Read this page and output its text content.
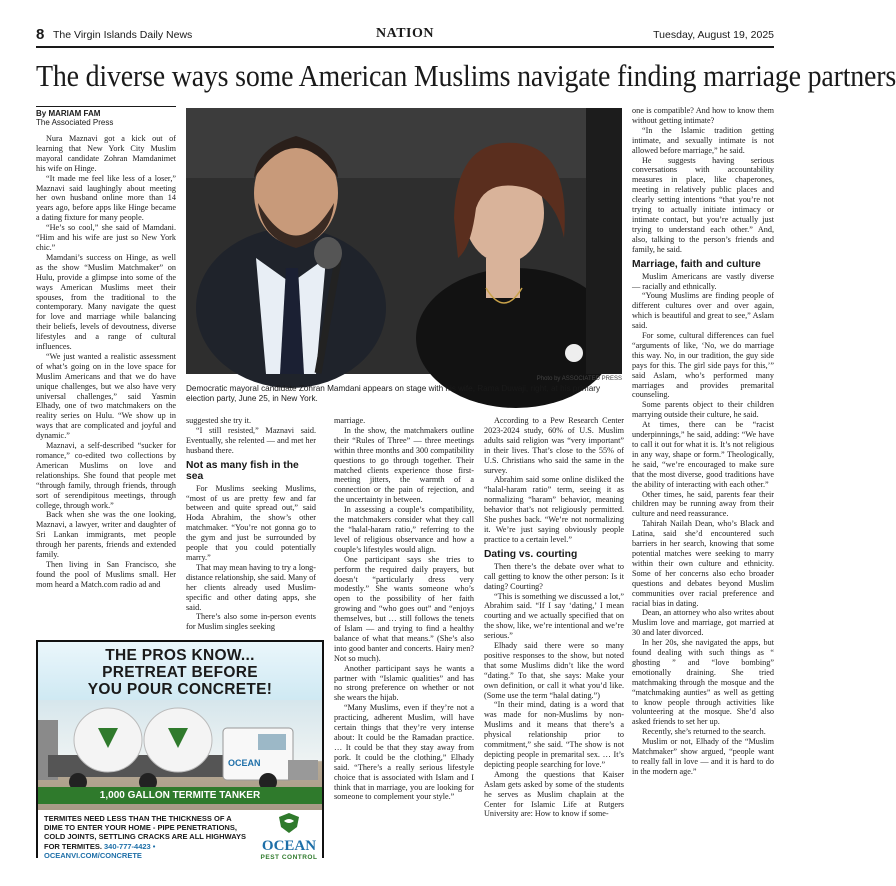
8 The Virgin Islands Daily News	NATION	Tuesday, August 19, 2025
The diverse ways some American Muslims navigate finding marriage partners
By MARIAM FAM
The Associated Press

Nura Maznavi got a kick out of learning that New York City Muslim mayoral candidate Zohran Mamdanimet his wife on Hinge.

“It made me feel like less of a loser,” Maznavi said laughingly about meeting her own husband online more than 14 years ago, before apps like Hinge became a dating fixture for many people.

“He’s so cool,” she said of Mamdani. “Him and his wife are just so New York chic.”

Mamdani’s success on Hinge, as well as the show “Muslim Matchmaker” on Hulu, provide a glimpse into some of the ways American Muslims meet their spouses, from the traditional to the contemporary. Many navigate the quest for love and marriage while balancing their beliefs, levels of devoutness, diverse lifestyles and a range of cultural influences.

“We just wanted a realistic assessment of what’s going on in the love space for Muslim Americans and that we do have unique challenges, but we also have very universal challenges,” said Yasmin Elhady, one of two matchmakers on the reality series on Hulu. “We show up in ways that are complicated and joyful and dynamic.”

Maznavi, a self-described “sucker for romance,” co-edited two collections by American Muslims on love and relationships. She found that people met “through family, through friends, through sort of serendipitous meetings, through college, through work.”

Back when she was the one looking, Maznavi, a lawyer, writer and daughter of Sri Lankan immigrants, met people through her parents, friends and extended family.

Then living in San Francisco, she found the pool of Muslims small. Her mom heard a Match.com radio ad and

Photo by ASSOCIATED PRESS
Democratic mayoral candidate Zohran Mamdani appears on stage with his wife, Rama Duwaji, right, at his primary election party, June 25, in New York.

suggested she try it.

“I still resisted,” Maznavi said. Eventually, she relented — and met her husband there.

Not as many fish in the sea

For Muslims seeking Muslims, “most of us are pretty few and far between and quite spread out,” said Hoda Abrahim, the show’s other matchmaker. “You’re not gonna go to the gym and just be surrounded by people that you could potentially marry.”

That may mean having to try a long-distance relationship, she said. Many of her clients already used Muslim-specific and other dating apps, she said.

There’s also some in-person events for Muslim singles seeking

marriage.

In the show, the matchmakers outline their “Rules of Three” — three meetings within three months and 300 compatibility questions to go through together. Their matched clients experience those first-meeting jitters, the warmth of a connection or the pain of rejection, and the uncertainty in between.

In assessing a couple’s compatibility, the matchmakers consider what they call the “halal-haram ratio,” referring to the level of religious observance and how a couple’s lifestyles would align.

One participant says she tries to perform the required daily prayers, but doesn’t “particularly dress very modestly.” She wants someone who’s open to the possibility of her faith growing and “who goes out” and “enjoys themselves, but … still follows the tenets of Islam — and trying to find a healthy balance of what that means.” (She’s also into good banter and concerts. Hairy men? Not so much).

Another participant says he wants a partner with “Islamic qualities” and has no strong preference on whether or not she wears the hijab.

“Many Muslims, even if they’re not a practicing, adherent Muslim, will have certain things that they’re very intense about: It could be the Ramadan practice. … It could be that they stay away from pork. It could be the clothing,” Elhady said. “There’s a really serious lifestyle choice that is associated with Islam and I think that in marriage, you are looking for someone to complement your style.”

According to a Pew Research Center 2023-2024 study, 60% of U.S. Muslim adults said religion was “very important” in their lives. That’s close to the 55% of U.S. Christians who said the same in the survey.

Abrahim said some online disliked the “halal-haram ratio” term, seeing it as normalizing “haram” behavior, meaning behavior that’s not religiously permitted. She pushes back. “We’re not normalizing it. We’re just saying obviously people practice to a certain level.”

Dating vs. courting

Then there’s the debate over what to call getting to know the other person: Is it dating? Courting?

“This is something we discussed a lot,” Abrahim said. “If I say ‘dating,’ I mean courting and we actually specified that on the show, like, we’re intentional and we’re serious.”

Elhady said there were so many positive responses to the show, but noted that some Muslims didn’t like the word “dating.” To that, she says: Make your own definition, or call it what you’d like. (Some use the term “halal dating.”)

“In their mind, dating is a word that was made for non-Muslims by non-Muslims and it means that there’s a physical relationship prior to commitment,” she said. “The show is not depicting people in premarital sex. … It’s depicting people searching for love.”

Among the questions that Kaiser Aslam gets asked by some of the students he serves as Muslim chaplain at the Center for Islamic Life at Rutgers University are: How to know if some-

one is compatible? And how to know them without getting intimate?

“In the Islamic tradition getting intimate, and sexually intimate is not allowed before marriage,” he said.

He suggests having serious conversations with accountability measures in place, like chaperones, meeting in relatively public places and clearly setting intentions “that you’re not trying to actually initiate intimacy or intimate contact, but you’re actually just trying to understand each other.” And, also, talking to the person’s friends and family, he said.

Marriage, faith and culture

Muslim Americans are vastly diverse — racially and ethnically.

“Young Muslims are finding people of different cultures over and over again, which is beautiful and great to see,” Aslam said.

For some, cultural differences can fuel “arguments of like, ‘No, we do marriage this way. No, in our tradition, the guy side pays for this. The girl side pays for this,’” said Aslam, who’s performed many marriages and provides premarital counseling.

Some parents object to their children marrying outside their culture, he said.

At times, there can be “racist underpinnings,” he said, adding: “We have to call it out for what it is. It’s not religious in any way, shape or form.” Theologically, he said, “we’re encouraged to make sure that the most diverse, good traditions have the ability of interacting with each other.”

Other times, he said, parents fear their children may be running away from their culture and need reassurance.

Tahirah Nailah Dean, who’s Black and Latina, said she’d encountered such barriers in her search, knowing that some potential matches were seeking to marry within their own culture and ethnicity. Some of her concerns also echo broader questions and debates beyond Muslim communities over racial preference and racial bias in dating.

Dean, an attorney who also writes about Muslim love and marriage, got married at 30 and later divorced.

In her 20s, she navigated the apps, but found dealing with such things as “ ghosting ” and “love bombing” emotionally draining. She tried matchmaking through the mosque and the “matchmaking aunties” as well as getting to know people through activities like volunteering at the mosque. She’d also asked friends to set her up.

Recently, she’s returned to the search.

Muslim or not, Elhady of the “Muslim Matchmaker” show argued, “people want to really fall in love — and it is hard to do in the modern age.”

THE PROS KNOW...
PRETREAT BEFORE
YOU POUR CONCRETE!
OCEAN
1,000 GALLON TERMITE TANKER
TERMITES NEED LESS THAN THE THICKNESS OF A DIME TO ENTER YOUR HOME - PIPE PENETRATIONS, COLD JOINTS, SETTLING CRACKS ARE ALL HIGHWAYS FOR TERMITES. 340-777-4423 • OCEANVI.COM/CONCRETE
OCEAN
PEST CONTROL
